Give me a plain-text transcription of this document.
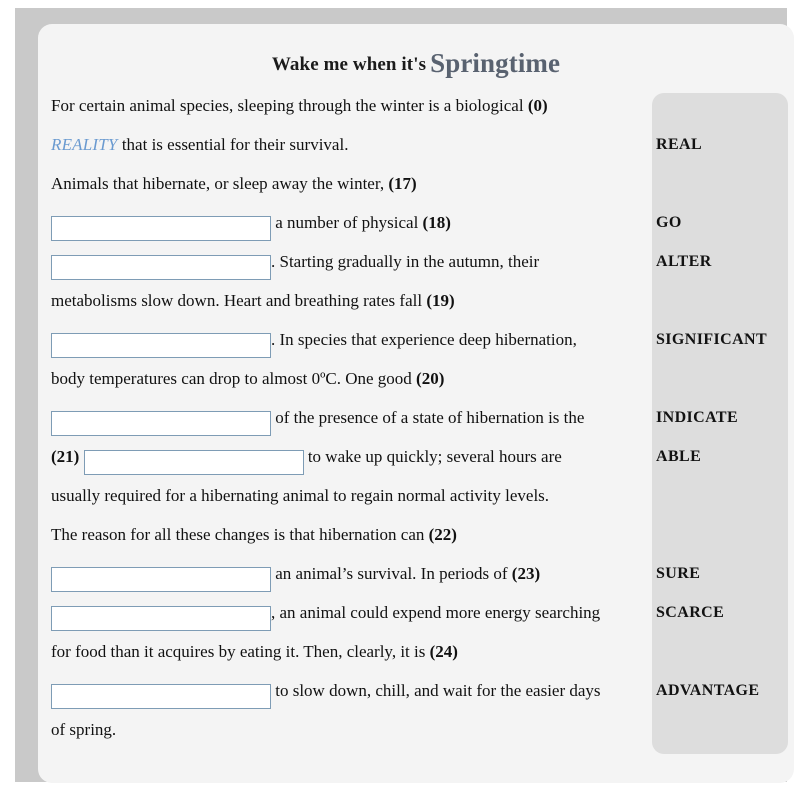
Wake me when it's Springtime
For certain animal species, sleeping through the winter is a biological (0)
REALITY that is essential for their survival.	REAL
Animals that hibernate, or sleep away the winter, (17)
a number of physical (18)	GO
. Starting gradually in the autumn, their	ALTER
metabolisms slow down. Heart and breathing rates fall (19)
. In species that experience deep hibernation,	SIGNIFICANT
body temperatures can drop to almost 0ºC. One good (20)
of the presence of a state of hibernation is the	INDICATE
(21)	to wake up quickly; several hours are	ABLE
usually required for a hibernating animal to regain normal activity levels.
The reason for all these changes is that hibernation can (22)
an animal’s survival. In periods of (23)	SURE
, an animal could expend more energy searching	SCARCE
for food than it acquires by eating it. Then, clearly, it is (24)
to slow down, chill, and wait for the easier days	ADVANTAGE
of spring.
